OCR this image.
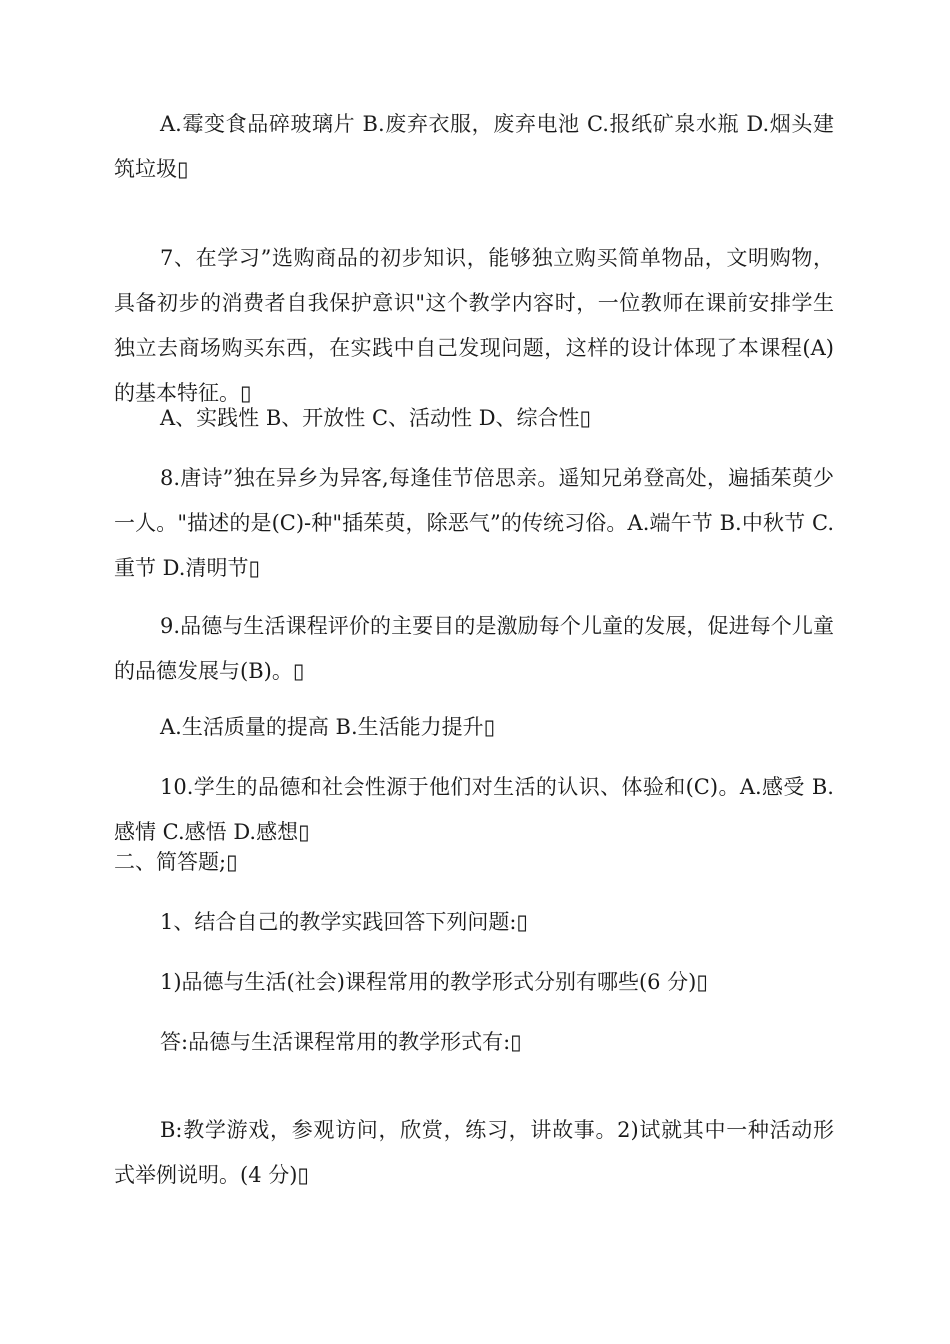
A.霉变食品碎玻璃片 B.废弃衣服，废弃电池 C.报纸矿泉水瓶 D.烟头建筑垃圾▯

7、在学习”选购商品的初步知识，能够独立购买简单物品，文明购物，具备初步的消费者自我保护意识"这个教学内容时，一位教师在课前安排学生独立去商场购买东西，在实践中自己发现问题，这样的设计体现了本课程(A)的基本特征。▯

A、实践性 B、开放性 C、活动性 D、综合性▯

8.唐诗”独在异乡为异客,每逢佳节倍思亲。遥知兄弟登高处，遍插茱萸少一人。"描述的是(C)-种"插茱萸，除恶气”的传统习俗。A.端午节 B.中秋节 C.重节 D.清明节▯

9.品德与生活课程评价的主要目的是激励每个儿童的发展，促进每个儿童的品德发展与(B)。▯

A.生活质量的提高 B.生活能力提升▯

10.学生的品德和社会性源于他们对生活的认识、体验和(C)。A.感受 B.感情 C.感悟 D.感想▯

二、简答题;▯

1、结合自己的教学实践回答下列问题:▯

1)品德与生活(社会)课程常用的教学形式分别有哪些(6 分)▯

答:品德与生活课程常用的教学形式有:▯

B:教学游戏，参观访问，欣赏，练习，讲故事。2)试就其中一种活动形式举例说明。(4 分)▯
